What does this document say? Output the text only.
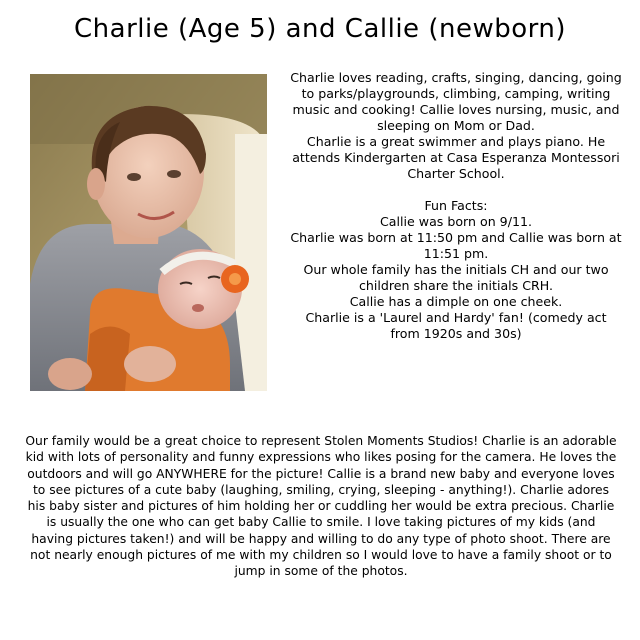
Charlie (Age 5) and Callie (newborn)

Charlie loves reading, crafts, singing, dancing, going to parks/playgrounds, climbing, camping, writing music and cooking! Callie loves nursing, music, and sleeping on Mom or Dad.

Charlie is a great swimmer and plays piano. He attends Kindergarten at Casa Esperanza Montessori Charter School.

Fun Facts:

Callie was born on 9/11.

Charlie was born at 11:50 pm and Callie was born at 11:51 pm.

Our whole family has the initials CH and our two children share the initials CRH.

Callie has a dimple on one cheek.

Charlie is a 'Laurel and Hardy' fan! (comedy act from 1920s and 30s)

Our family would be a great choice to represent Stolen Moments Studios! Charlie is an adorable kid with lots of personality and funny expressions who likes posing for the camera. He loves the outdoors and will go ANYWHERE for the picture! Callie is a brand new baby and everyone loves to see pictures of a cute baby (laughing, smiling, crying, sleeping - anything!). Charlie adores his baby sister and pictures of him holding her or cuddling her would be extra precious. Charlie is usually the one who can get baby Callie to smile. I love taking pictures of my kids (and having pictures taken!) and will be happy and willing to do any type of photo shoot. There are not nearly enough pictures of me with my children so I would love to have a family shoot or to jump in some of the photos.
